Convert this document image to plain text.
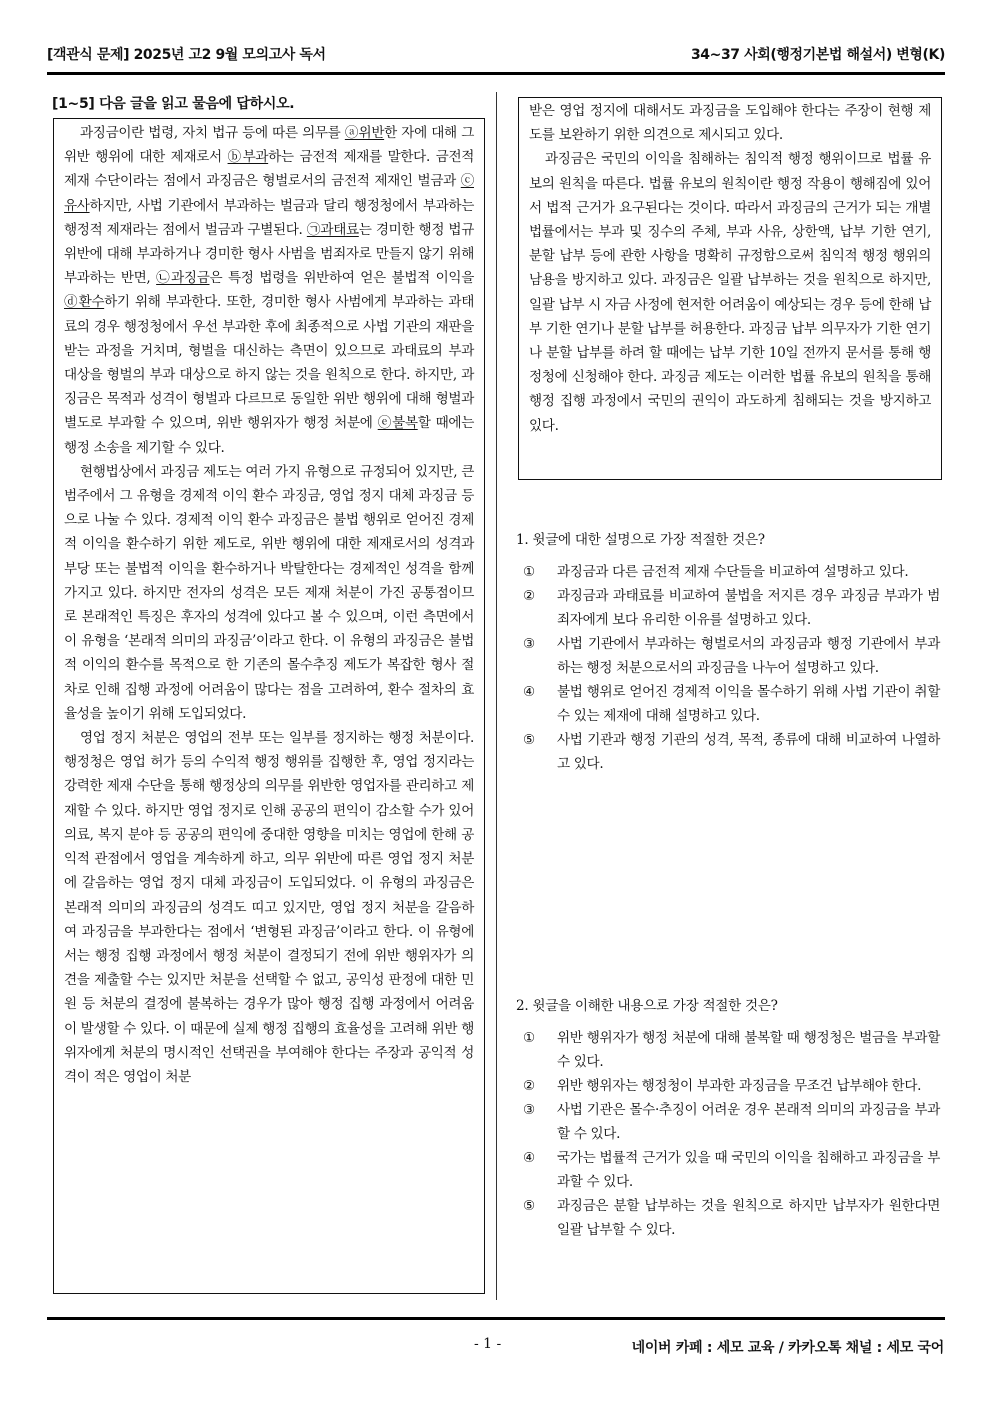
[객관식 문제] 2025년 고2 9월 모의고사 독서	34~37 사회(행정기본법 해설서) 변형(K)
[1~5] 다음 글을 읽고 물음에 답하시오.

과징금이란 법령, 자치 법규 등에 따른 의무를 ⓐ위반한 자에 대해 그 위반 행위에 대한 제재로서 ⓑ부과하는 금전적 제재를 말한다. 금전적 제재 수단이라는 점에서 과징금은 형벌로서의 금전적 제재인 벌금과 ⓒ유사하지만, 사법 기관에서 부과하는 벌금과 달리 행정청에서 부과하는 행정적 제재라는 점에서 벌금과 구별된다. ㉠과태료는 경미한 행정 법규 위반에 대해 부과하거나 경미한 형사 사범을 범죄자로 만들지 않기 위해 부과하는 반면, ㉡과징금은 특정 법령을 위반하여 얻은 불법적 이익을 ⓓ환수하기 위해 부과한다. 또한, 경미한 형사 사범에게 부과하는 과태료의 경우 행정청에서 우선 부과한 후에 최종적으로 사법 기관의 재판을 받는 과정을 거치며, 형벌을 대신하는 측면이 있으므로 과태료의 부과 대상을 형벌의 부과 대상으로 하지 않는 것을 원칙으로 한다. 하지만, 과징금은 목적과 성격이 형벌과 다르므로 동일한 위반 행위에 대해 형벌과 별도로 부과할 수 있으며, 위반 행위자가 행정 처분에 ⓔ불복할 때에는 행정 소송을 제기할 수 있다.

현행법상에서 과징금 제도는 여러 가지 유형으로 규정되어 있지만, 큰 범주에서 그 유형을 경제적 이익 환수 과징금, 영업 정지 대체 과징금 등으로 나눌 수 있다. 경제적 이익 환수 과징금은 불법 행위로 얻어진 경제적 이익을 환수하기 위한 제도로, 위반 행위에 대한 제재로서의 성격과 부당 또는 불법적 이익을 환수하거나 박탈한다는 경제적인 성격을 함께 가지고 있다. 하지만 전자의 성격은 모든 제재 처분이 가진 공통점이므로 본래적인 특징은 후자의 성격에 있다고 볼 수 있으며, 이런 측면에서 이 유형을 ‘본래적 의미의 과징금’이라고 한다. 이 유형의 과징금은 불법적 이익의 환수를 목적으로 한 기존의 몰수추징 제도가 복잡한 형사 절차로 인해 집행 과정에 어려움이 많다는 점을 고려하여, 환수 절차의 효율성을 높이기 위해 도입되었다.

영업 정지 처분은 영업의 전부 또는 일부를 정지하는 행정 처분이다. 행정청은 영업 허가 등의 수익적 행정 행위를 집행한 후, 영업 정지라는 강력한 제재 수단을 통해 행정상의 의무를 위반한 영업자를 관리하고 제재할 수 있다. 하지만 영업 정지로 인해 공공의 편익이 감소할 수가 있어 의료, 복지 분야 등 공공의 편익에 중대한 영향을 미치는 영업에 한해 공익적 관점에서 영업을 계속하게 하고, 의무 위반에 따른 영업 정지 처분에 갈음하는 영업 정지 대체 과징금이 도입되었다. 이 유형의 과징금은 본래적 의미의 과징금의 성격도 띠고 있지만, 영업 정지 처분을 갈음하여 과징금을 부과한다는 점에서 ‘변형된 과징금’이라고 한다. 이 유형에서는 행정 집행 과정에서 행정 처분이 결정되기 전에 위반 행위자가 의견을 제출할 수는 있지만 처분을 선택할 수 없고, 공익성 판정에 대한 민원 등 처분의 결정에 불복하는 경우가 많아 행정 집행 과정에서 어려움이 발생할 수 있다. 이 때문에 실제 행정 집행의 효율성을 고려해 위반 행위자에게 처분의 명시적인 선택권을 부여해야 한다는 주장과 공익적 성격이 적은 영업이 처분

받은 영업 정지에 대해서도 과징금을 도입해야 한다는 주장이 현행 제도를 보완하기 위한 의견으로 제시되고 있다.

과징금은 국민의 이익을 침해하는 침익적 행정 행위이므로 법률 유보의 원칙을 따른다. 법률 유보의 원칙이란 행정 작용이 행해짐에 있어서 법적 근거가 요구된다는 것이다. 따라서 과징금의 근거가 되는 개별 법률에서는 부과 및 징수의 주체, 부과 사유, 상한액, 납부 기한 연기, 분할 납부 등에 관한 사항을 명확히 규정함으로써 침익적 행정 행위의 남용을 방지하고 있다. 과징금은 일괄 납부하는 것을 원칙으로 하지만, 일괄 납부 시 자금 사정에 현저한 어려움이 예상되는 경우 등에 한해 납부 기한 연기나 분할 납부를 허용한다. 과징금 납부 의무자가 기한 연기나 분할 납부를 하려 할 때에는 납부 기한 10일 전까지 문서를 통해 행정청에 신청해야 한다. 과징금 제도는 이러한 법률 유보의 원칙을 통해 행정 집행 과정에서 국민의 권익이 과도하게 침해되는 것을 방지하고 있다.

1. 윗글에 대한 설명으로 가장 적절한 것은?
①	과징금과 다른 금전적 제재 수단들을 비교하여 설명하고 있다.
②	과징금과 과태료를 비교하여 불법을 저지른 경우 과징금 부과가 범죄자에게 보다 유리한 이유를 설명하고 있다.
③	사법 기관에서 부과하는 형벌로서의 과징금과 행정 기관에서 부과하는 행정 처분으로서의 과징금을 나누어 설명하고 있다.
④	불법 행위로 얻어진 경제적 이익을 몰수하기 위해 사법 기관이 취할 수 있는 제재에 대해 설명하고 있다.
⑤	사법 기관과 행정 기관의 성격, 목적, 종류에 대해 비교하여 나열하고 있다.
2. 윗글을 이해한 내용으로 가장 적절한 것은?
①	위반 행위자가 행정 처분에 대해 불복할 때 행정청은 벌금을 부과할 수 있다.
②	위반 행위자는 행정청이 부과한 과징금을 무조건 납부해야 한다.
③	사법 기관은 몰수·추징이 어려운 경우 본래적 의미의 과징금을 부과할 수 있다.
④	국가는 법률적 근거가 있을 때 국민의 이익을 침해하고 과징금을 부과할 수 있다.
⑤	과징금은 분할 납부하는 것을 원칙으로 하지만 납부자가 원한다면 일괄 납부할 수 있다.
- 1 -	네이버 카페 : 세모 교육 / 카카오톡 채널 : 세모 국어
